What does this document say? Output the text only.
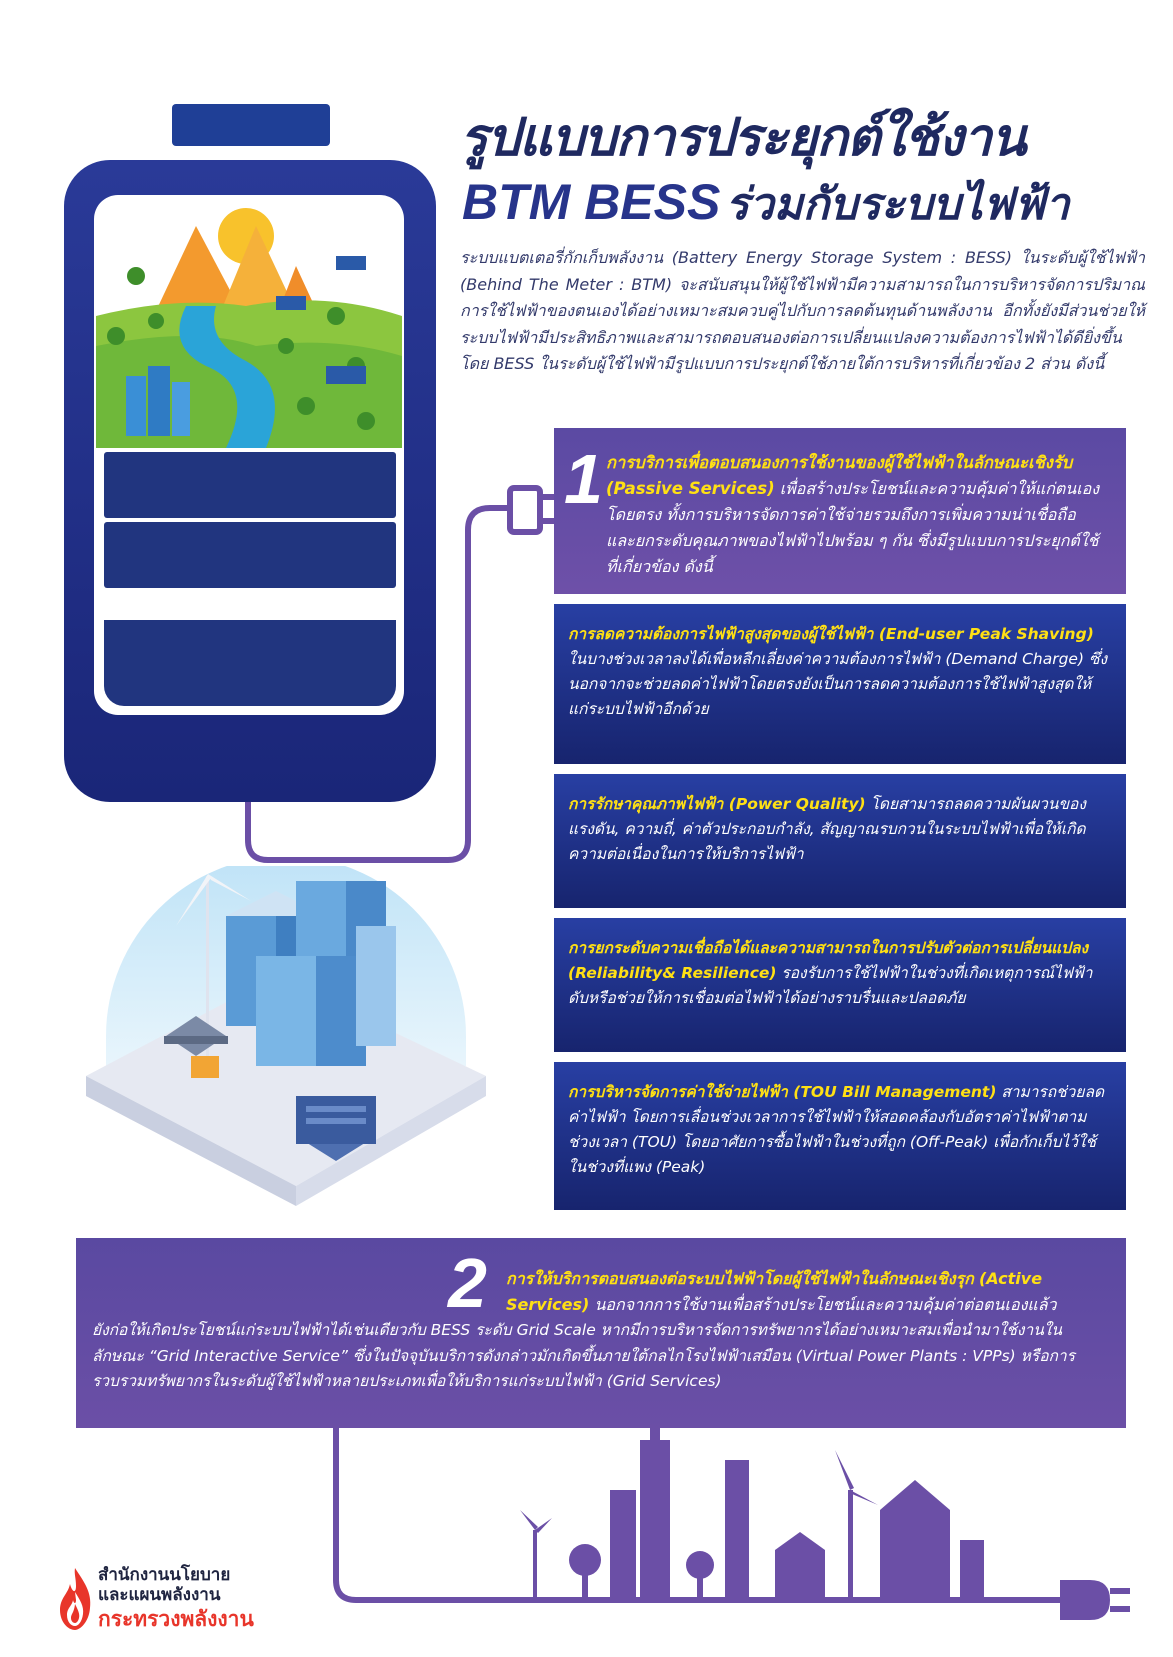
รูปแบบการประยุกต์ใช้งาน
BTM BESS ร่วมกับระบบไฟฟ้า
ระบบแบตเตอรี่กักเก็บพลังงาน (Battery Energy Storage System : BESS) ในระดับผู้ใช้ไฟฟ้า (Behind The Meter : BTM) จะสนับสนุนให้ผู้ใช้ไฟฟ้ามีความสามารถในการบริหารจัดการปริมาณการใช้ไฟฟ้าของตนเองได้อย่างเหมาะสมควบคู่ไปกับการลดต้นทุนด้านพลังงาน อีกทั้งยังมีส่วนช่วยให้ระบบไฟฟ้ามีประสิทธิภาพและสามารถตอบสนองต่อการเปลี่ยนแปลงความต้องการไฟฟ้าได้ดียิ่งขึ้น โดย BESS ในระดับผู้ใช้ไฟฟ้ามีรูปแบบการประยุกต์ใช้ภายใต้การบริหารที่เกี่ยวข้อง 2 ส่วน ดังนี้
1 การบริการเพื่อตอบสนองการใช้งานของผู้ใช้ไฟฟ้าในลักษณะเชิงรับ (Passive Services) เพื่อสร้างประโยชน์และความคุ้มค่าให้แก่ตนเองโดยตรง ทั้งการบริหารจัดการค่าใช้จ่ายรวมถึงการเพิ่มความน่าเชื่อถือ และยกระดับคุณภาพของไฟฟ้าไปพร้อม ๆ กัน ซึ่งมีรูปแบบการประยุกต์ใช้ที่เกี่ยวข้อง ดังนี้
การลดความต้องการไฟฟ้าสูงสุดของผู้ใช้ไฟฟ้า (End-user Peak Shaving) ในบางช่วงเวลาลงได้เพื่อหลีกเลี่ยงค่าความต้องการไฟฟ้า (Demand Charge) ซึ่งนอกจากจะช่วยลดค่าไฟฟ้าโดยตรงยังเป็นการลดความต้องการใช้ไฟฟ้าสูงสุดให้แก่ระบบไฟฟ้าอีกด้วย
การรักษาคุณภาพไฟฟ้า (Power Quality) โดยสามารถลดความผันผวนของแรงดัน, ความถี่, ค่าตัวประกอบกำลัง, สัญญาณรบกวนในระบบไฟฟ้าเพื่อให้เกิดความต่อเนื่องในการให้บริการไฟฟ้า
การยกระดับความเชื่อถือได้และความสามารถในการปรับตัวต่อการเปลี่ยนแปลง (Reliability& Resilience) รองรับการใช้ไฟฟ้าในช่วงที่เกิดเหตุการณ์ไฟฟ้าดับหรือช่วยให้การเชื่อมต่อไฟฟ้าได้อย่างราบรื่นและปลอดภัย
การบริหารจัดการค่าใช้จ่ายไฟฟ้า (TOU Bill Management) สามารถช่วยลดค่าไฟฟ้า โดยการเลื่อนช่วงเวลาการใช้ไฟฟ้าให้สอดคล้องกับอัตราค่าไฟฟ้าตามช่วงเวลา (TOU) โดยอาศัยการซื้อไฟฟ้าในช่วงที่ถูก (Off-Peak) เพื่อกักเก็บไว้ใช้ในช่วงที่แพง (Peak)
2 การให้บริการตอบสนองต่อระบบไฟฟ้าโดยผู้ใช้ไฟฟ้าในลักษณะเชิงรุก (Active Services) นอกจากการใช้งานเพื่อสร้างประโยชน์และความคุ้มค่าต่อตนเองแล้ว
ยังก่อให้เกิดประโยชน์แก่ระบบไฟฟ้าได้เช่นเดียวกับ BESS ระดับ Grid Scale หากมีการบริหารจัดการทรัพยากรได้อย่างเหมาะสมเพื่อนำมาใช้งานในลักษณะ “Grid Interactive Service” ซึ่งในปัจจุบันบริการดังกล่าวมักเกิดขึ้นภายใต้กลไกโรงไฟฟ้าเสมือน (Virtual Power Plants : VPPs) หรือการรวบรวมทรัพยากรในระดับผู้ใช้ไฟฟ้าหลายประเภทเพื่อให้บริการแก่ระบบไฟฟ้า (Grid Services)
สำนักงานนโยบาย
และแผนพลังงาน
กระทรวงพลังงาน
